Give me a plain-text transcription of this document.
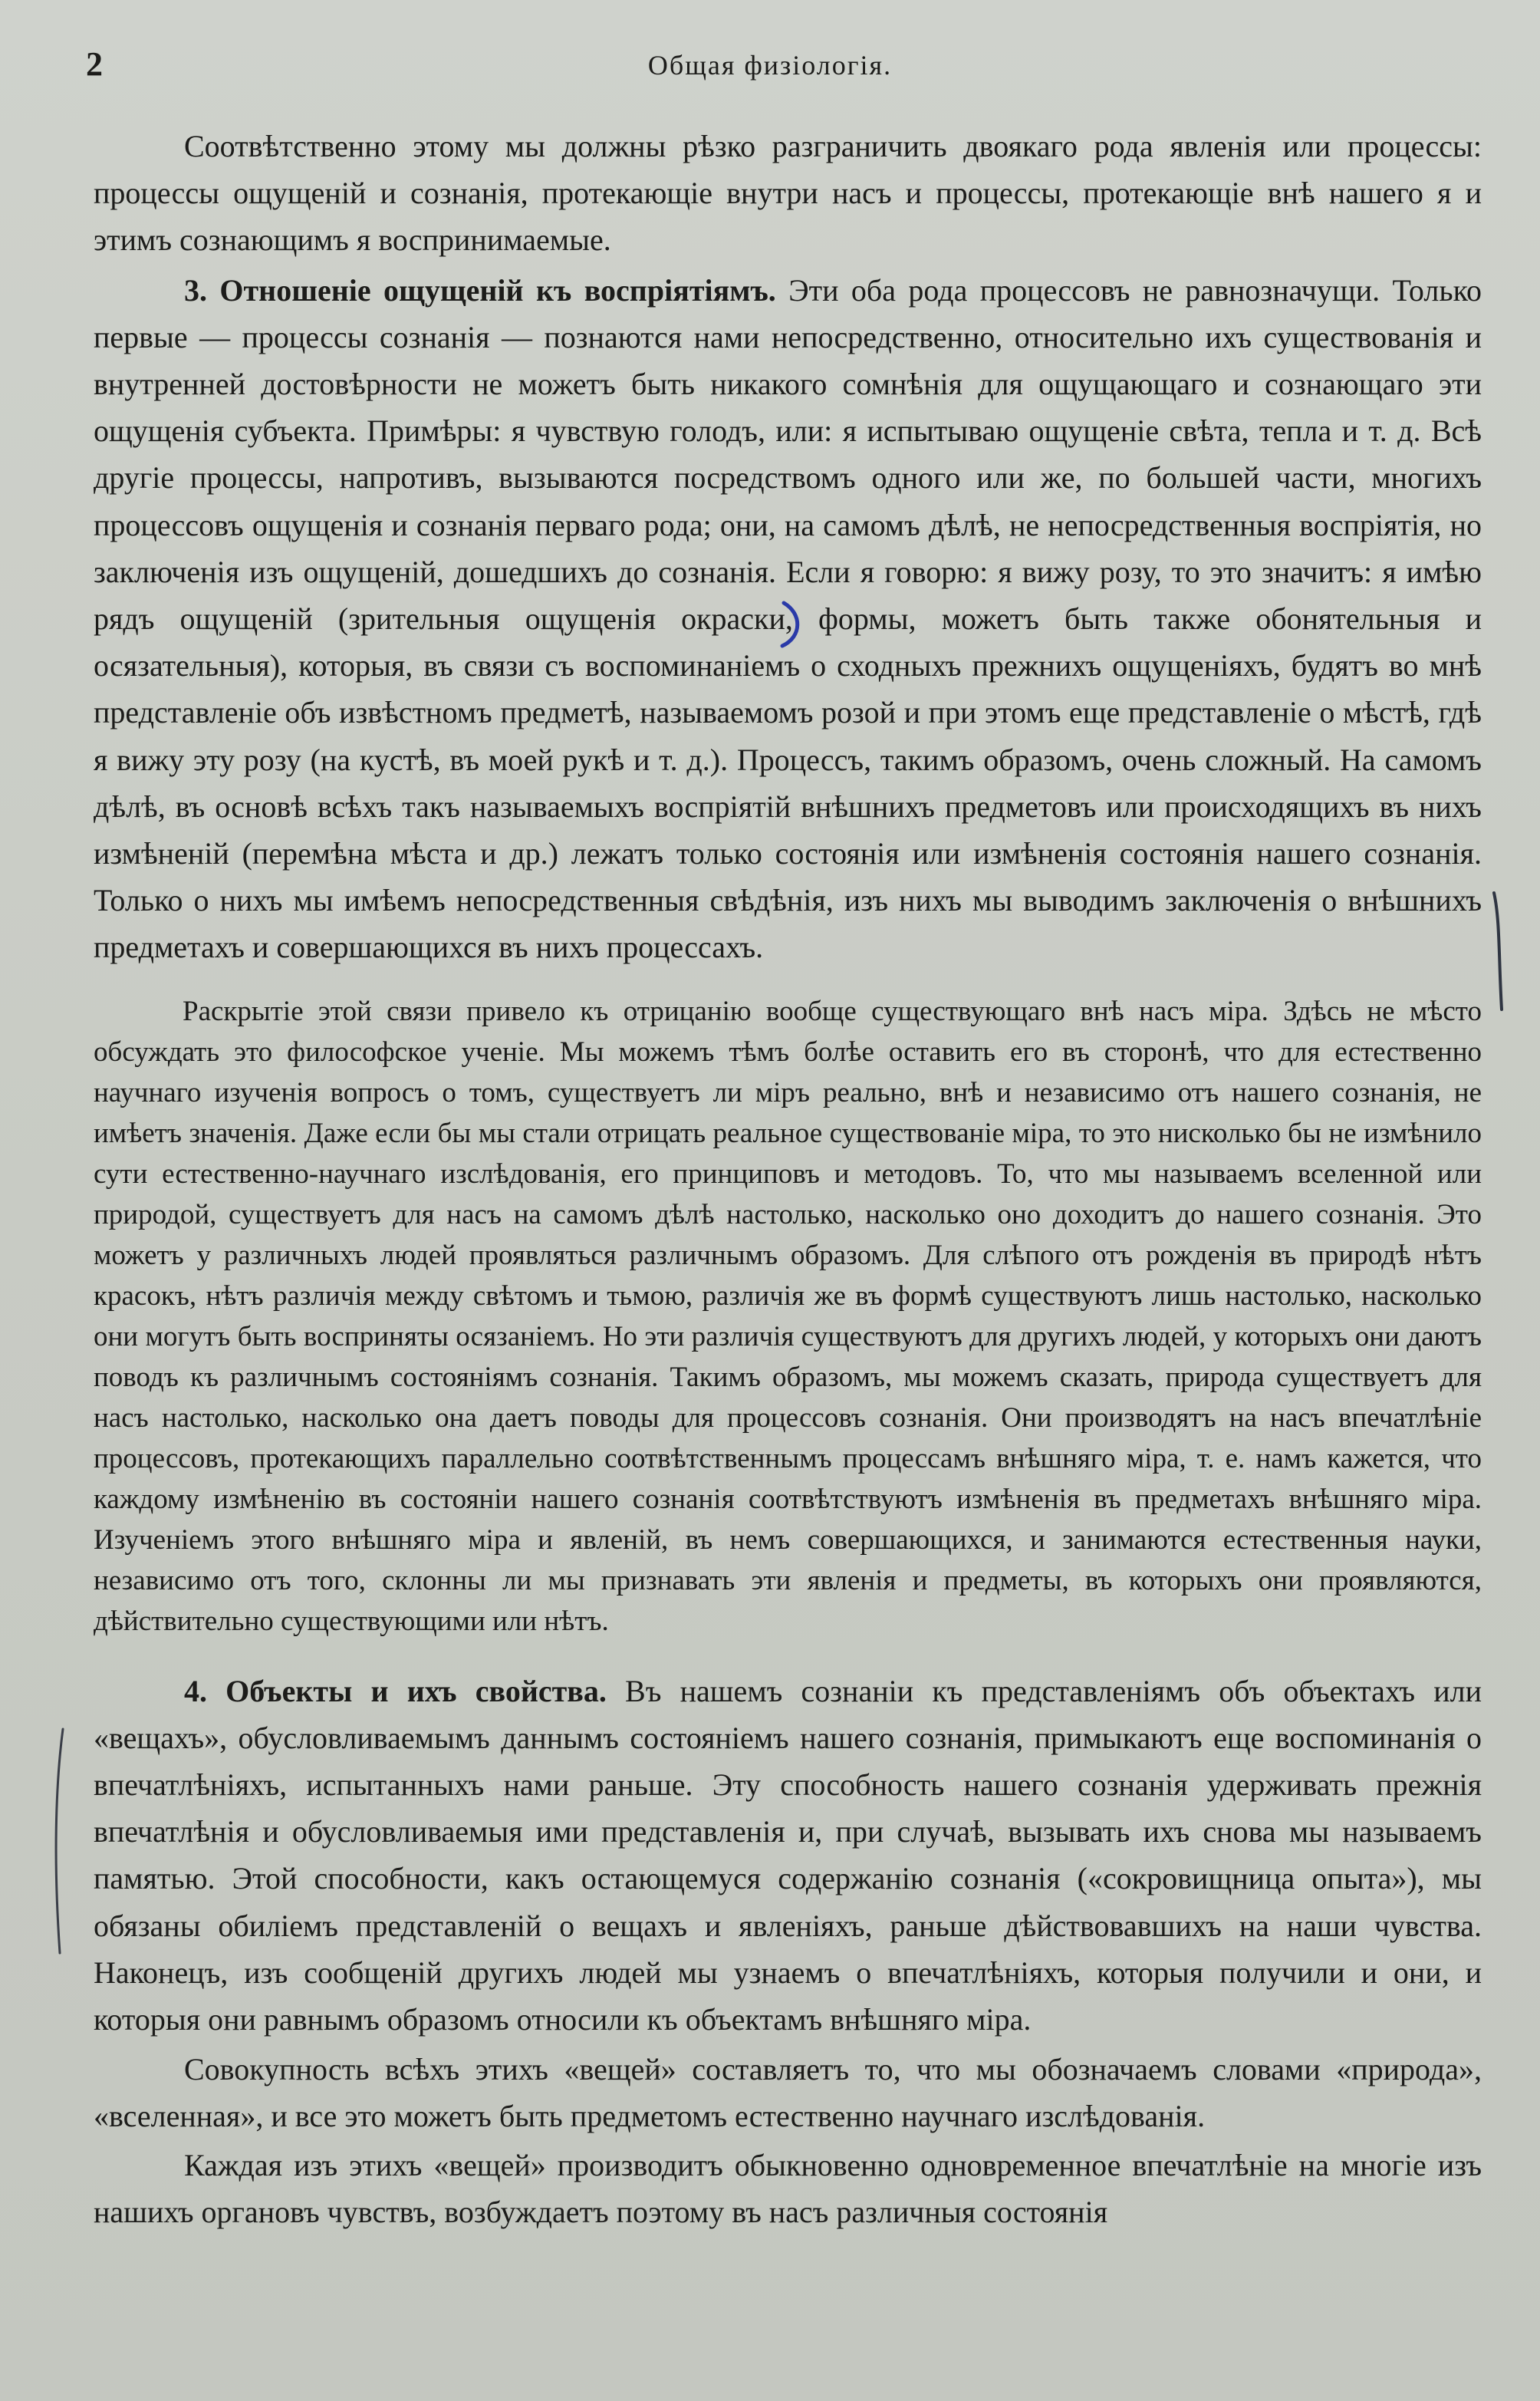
2	Общая физiологiя.

Соотвѣтственно этому мы должны рѣзко разграничить двоякаго рода явленiя или процессы: процессы ощущенiй и сознанiя, протекающiе внутри насъ и процессы, протекающiе внѣ нашего я и этимъ сознающимъ я воспринимаемые.

3. Отношенiе ощущенiй къ воспрiятiямъ. Эти оба рода процессовъ не равнозначущи. Только первые — процессы сознанiя — познаются нами непосредственно, относительно ихъ существованiя и внутренней достовѣрности не можетъ быть никакого сомнѣнiя для ощущающаго и сознающаго эти ощущенiя субъекта. Примѣры: я чувствую голодъ, или: я испытываю ощущенiе свѣта, тепла и т. д. Всѣ другiе процессы, напротивъ, вызываются посредствомъ одного или же, по большей части, многихъ процессовъ ощущенiя и сознанiя перваго рода; они, на самомъ дѣлѣ, не непосредственныя воспрiятiя, но заключенiя изъ ощущенiй, дошедшихъ до сознанiя. Если я говорю: я вижу розу, то это значитъ: я имѣю рядъ ощущенiй (зрительныя ощущенiя окраски, формы, можетъ быть также обонятельныя и осязательныя), которыя, въ связи съ воспоминанiемъ о сходныхъ прежнихъ ощущенiяхъ, будятъ во мнѣ представленiе объ извѣстномъ предметѣ, называемомъ розой и при этомъ еще представленiе о мѣстѣ, гдѣ я вижу эту розу (на кустѣ, въ моей рукѣ и т. д.). Процессъ, такимъ образомъ, очень сложный. На самомъ дѣлѣ, въ основѣ всѣхъ такъ называемыхъ воспрiятiй внѣшнихъ предметовъ или происходящихъ въ нихъ измѣненiй (перемѣна мѣста и др.) лежатъ только состоянiя или измѣненiя состоянiя нашего сознанiя. Только о нихъ мы имѣемъ непосредственныя свѣдѣнiя, изъ нихъ мы выводимъ заключенiя о внѣшнихъ предметахъ и совершающихся въ нихъ процессахъ.

Раскрытiе этой связи привело къ отрицанiю вообще существующаго внѣ насъ мiра. Здѣсь не мѣсто обсуждать это философское ученiе. Мы можемъ тѣмъ болѣе оставить его въ сторонѣ, что для естественно научнаго изученiя вопросъ о томъ, существуетъ ли мiръ реально, внѣ и независимо отъ нашего сознанiя, не имѣетъ значенiя. Даже если бы мы стали отрицать реальное существованiе мiра, то это нисколько бы не измѣнило сути естественно-научнаго изслѣдованiя, его принциповъ и методовъ. То, что мы называемъ вселенной или природой, существуетъ для насъ на самомъ дѣлѣ настолько, насколько оно доходитъ до нашего сознанiя. Это можетъ у различныхъ людей проявляться различнымъ образомъ. Для слѣпого отъ рожденiя въ природѣ нѣтъ красокъ, нѣтъ различiя между свѣтомъ и тьмою, различiя же въ формѣ существуютъ лишь настолько, насколько они могутъ быть восприняты осязанiемъ. Но эти различiя существуютъ для другихъ людей, у которыхъ они даютъ поводъ къ различнымъ состоянiямъ сознанiя. Такимъ образомъ, мы можемъ сказать, природа существуетъ для насъ настолько, насколько она даетъ поводы для процессовъ сознанiя. Они производятъ на насъ впечатлѣнiе процессовъ, протекающихъ параллельно соотвѣтственнымъ процессамъ внѣшняго мiра, т. е. намъ кажется, что каждому измѣненiю въ состоянiи нашего сознанiя соотвѣтствуютъ измѣненiя въ предметахъ внѣшняго мiра. Изученiемъ этого внѣшняго мiра и явленiй, въ немъ совершающихся, и занимаются естественныя науки, независимо отъ того, склонны ли мы признавать эти явленiя и предметы, въ которыхъ они проявляются, дѣйствительно существующими или нѣтъ.

4. Объекты и ихъ свойства. Въ нашемъ сознанiи къ представленiямъ объ объектахъ или «вещахъ», обусловливаемымъ даннымъ состоянiемъ нашего сознанiя, примыкаютъ еще воспоминанiя о впечатлѣнiяхъ, испытанныхъ нами раньше. Эту способность нашего сознанiя удерживать прежнiя впечатлѣнiя и обусловливаемыя ими представленiя и, при случаѣ, вызывать ихъ снова мы называемъ памятью. Этой способности, какъ остающемуся содержанiю сознанiя («сокровищница опыта»), мы обязаны обилiемъ представленiй о вещахъ и явленiяхъ, раньше дѣйствовавшихъ на наши чувства. Наконецъ, изъ сообщенiй другихъ людей мы узнаемъ о впечатлѣнiяхъ, которыя получили и они, и которыя они равнымъ образомъ относили къ объектамъ внѣшняго мiра.

Совокупность всѣхъ этихъ «вещей» составляетъ то, что мы обозначаемъ словами «природа», «вселенная», и все это можетъ быть предметомъ естественно научнаго изслѣдованiя.

Каждая изъ этихъ «вещей» производитъ обыкновенно одновременное впечатлѣнiе на многiе изъ нашихъ органовъ чувствъ, возбуждаетъ поэтому въ насъ различныя состоянiя
